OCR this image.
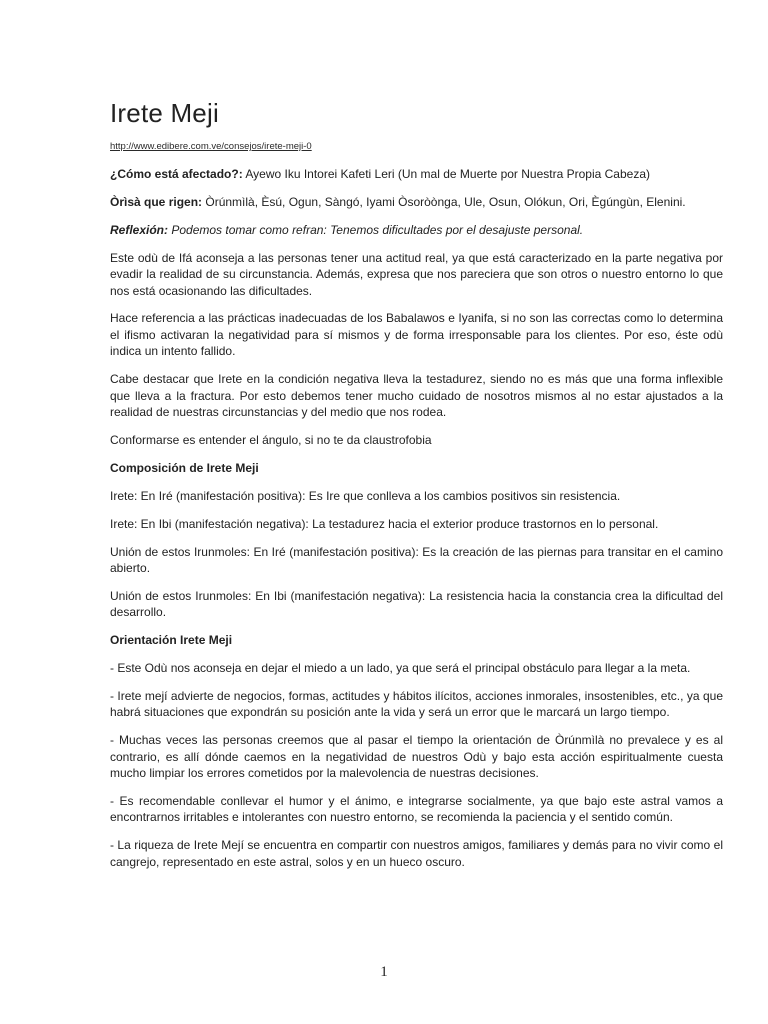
Irete Meji
http://www.edibere.com.ve/consejos/irete-meji-0

¿Cómo está afectado?: Ayewo Iku Intorei Kafeti Leri (Un mal de Muerte por Nuestra Propia Cabeza)

Òrìsà que rigen: Òrúnmìlà, Èsú, Ogun, Sàngó, Iyami Òsoròònga, Ule, Osun, Olókun, Ori, Ègúngùn, Elenini.

Reflexión: Podemos tomar como refran: Tenemos dificultades por el desajuste personal.

Este odù de Ifá aconseja a las personas tener una actitud real, ya que está caracterizado en la parte negativa por evadir la realidad de su circunstancia. Además, expresa que nos pareciera que son otros o nuestro entorno lo que nos está ocasionando las dificultades.

Hace referencia a las prácticas inadecuadas de los Babalawos e Iyanifa, si no son las correctas como lo determina el ifismo activaran la negatividad para sí mismos y de forma irresponsable para los clientes. Por eso, éste odù indica un intento fallido.

Cabe destacar que Irete en la condición negativa lleva la testadurez, siendo no es más que una forma inflexible que lleva a la fractura. Por esto debemos tener mucho cuidado de nosotros mismos al no estar ajustados a la realidad de nuestras circunstancias y del medio que nos rodea.

Conformarse es entender el ángulo, si no te da claustrofobia

Composición de Irete Meji

Irete: En Iré (manifestación positiva): Es Ire que conlleva a los cambios positivos sin resistencia.

Irete: En Ibi (manifestación negativa): La testadurez hacia el exterior produce trastornos en lo personal.

Unión de estos Irunmoles: En Iré (manifestación positiva): Es la creación de las piernas para transitar en el camino abierto.

Unión de estos Irunmoles: En Ibi (manifestación negativa): La resistencia hacia la constancia crea la dificultad del desarrollo.

Orientación Irete Meji

- Este Odù nos aconseja en dejar el miedo a un lado, ya que será el principal obstáculo para llegar a la meta.

- Irete mejí advierte de negocios, formas, actitudes y hábitos ilícitos, acciones inmorales, insostenibles, etc., ya que habrá situaciones que expondrán su posición ante la vida y será un error que le marcará un largo tiempo.

- Muchas veces las personas creemos que al pasar el tiempo la orientación de Òrúnmìlà no prevalece y es al contrario, es allí dónde caemos en la negatividad de nuestros Odù y bajo esta acción espiritualmente cuesta mucho limpiar los errores cometidos por la malevolencia de nuestras decisiones.

- Es recomendable conllevar el humor y el ánimo, e integrarse socialmente, ya que bajo este astral vamos a encontrarnos irritables e intolerantes con nuestro entorno, se recomienda la paciencia y el sentido común.

- La riqueza de Irete Mejí se encuentra en compartir con nuestros amigos, familiares y demás para no vivir como el cangrejo, representado en este astral, solos y en un hueco oscuro.

1
